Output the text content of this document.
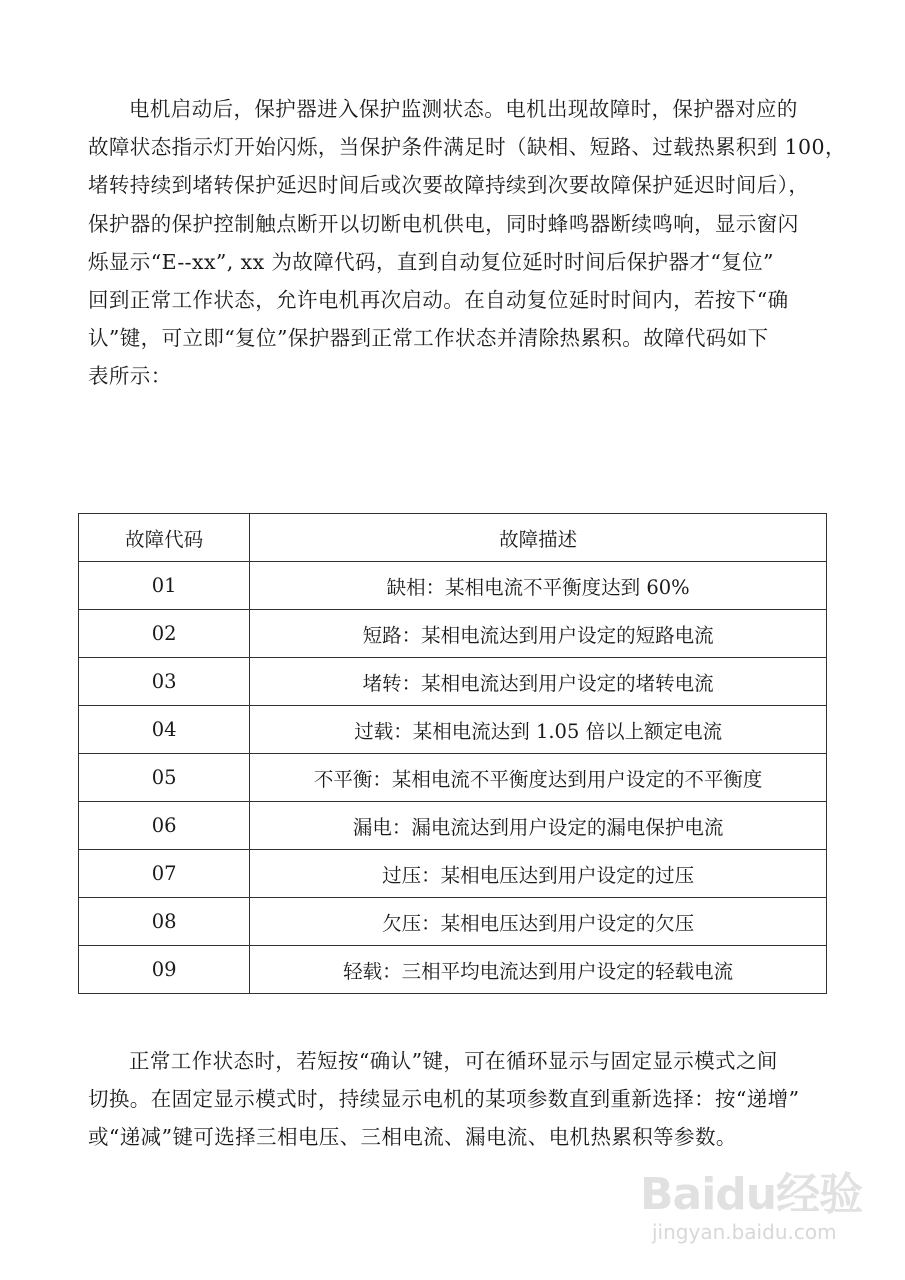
电机启动后，保护器进入保护监测状态。电机出现故障时，保护器对应的
故障状态指示灯开始闪烁，当保护条件满足时（缺相、短路、过载热累积到 100，
堵转持续到堵转保护延迟时间后或次要故障持续到次要故障保护延迟时间后），
保护器的保护控制触点断开以切断电机供电，同时蜂鸣器断续鸣响，显示窗闪
烁显示“E--xx”, xx 为故障代码，直到自动复位延时时间后保护器才“复位”
回到正常工作状态，允许电机再次启动。在自动复位延时时间内，若按下“确
认”键，可立即“复位”保护器到正常工作状态并清除热累积。故障代码如下
表所示：
故障代码	故障描述
01	缺相：某相电流不平衡度达到 60%
02	短路：某相电流达到用户设定的短路电流
03	堵转：某相电流达到用户设定的堵转电流
04	过载：某相电流达到 1.05 倍以上额定电流
05	不平衡：某相电流不平衡度达到用户设定的不平衡度
06	漏电：漏电流达到用户设定的漏电保护电流
07	过压：某相电压达到用户设定的过压
08	欠压：某相电压达到用户设定的欠压
09	轻载：三相平均电流达到用户设定的轻载电流
正常工作状态时，若短按“确认”键，可在循环显示与固定显示模式之间
切换。在固定显示模式时，持续显示电机的某项参数直到重新选择：按“递增”
或“递减”键可选择三相电压、三相电流、漏电流、电机热累积等参数。
Baidu经验
jingyan.baidu.com
